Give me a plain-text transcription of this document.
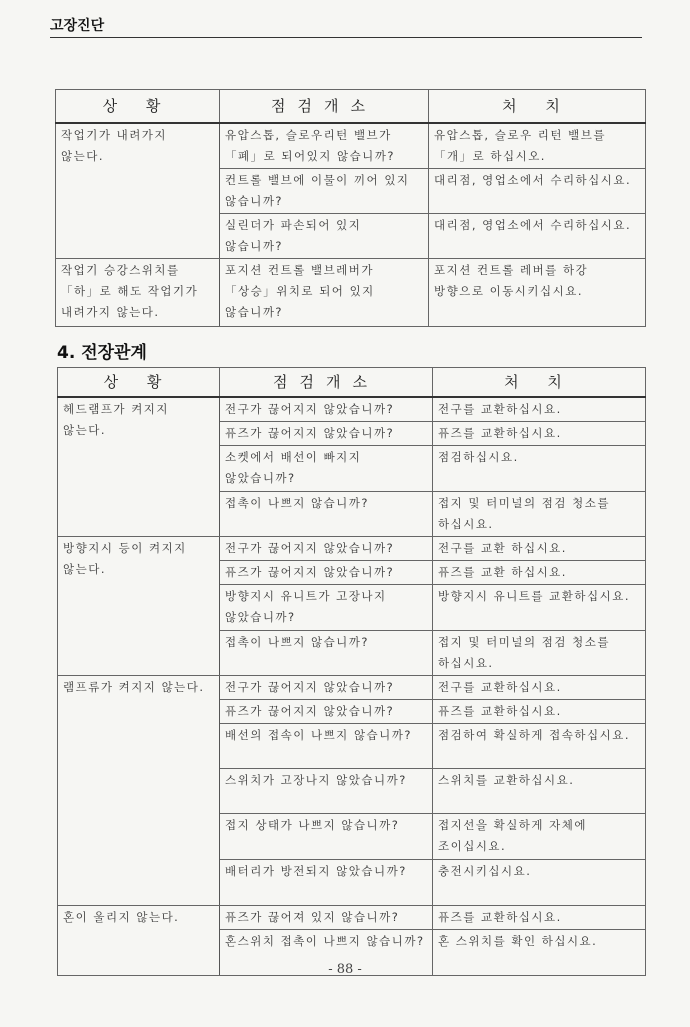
고장진단
상 황	점검개소	처 치
작업기가 내려가지 않는다.	유압스톱, 슬로우리턴 밸브가 「폐」로 되어있지 않습니까?	유압스톱, 슬로우 리턴 밸브를 「개」로 하십시오.
	컨트롤 밸브에 이물이 끼어 있지 않습니까?	대리점, 영업소에서 수리하십시요.
	실린더가 파손되어 있지 않습니까?	대리점, 영업소에서 수리하십시요.
작업기 승강스위치를 「하」로 해도 작업기가 내려가지 않는다.	포지션 컨트롤 밸브레버가 「상승」위치로 되어 있지 않습니까?	포지션 컨트롤 레버를 하강 방향으로 이동시키십시요.
4. 전장관계
상 황	점검개소	처 치
헤드램프가 켜지지 않는다.	전구가 끊어지지 않았습니까?	전구를 교환하십시요.
	퓨즈가 끊어지지 않았습니까?	퓨즈를 교환하십시요.
	소켓에서 배선이 빠지지 않았습니까?	점검하십시요.
	접촉이 나쁘지 않습니까?	접지 및 터미널의 점검 청소를 하십시요.
방향지시 등이 켜지지 않는다.	전구가 끊어지지 않았습니까?	전구를 교환 하십시요.
	퓨즈가 끊어지지 않았습니까?	퓨즈를 교환 하십시요.
	방향지시 유니트가 고장나지 않았습니까?	방향지시 유니트를 교환하십시요.
	접촉이 나쁘지 않습니까?	접지 및 터미널의 점검 청소를 하십시요.
램프류가 켜지지 않는다.	전구가 끊어지지 않았습니까?	전구를 교환하십시요.
	퓨즈가 끊어지지 않았습니까?	퓨즈를 교환하십시요.
	배선의 접속이 나쁘지 않습니까?	점검하여 확실하게 접속하십시요.
	스위치가 고장나지 않았습니까?	스위치를 교환하십시요.
	접지 상태가 나쁘지 않습니까?	접지선을 확실하게 자체에 조이십시요.
	배터리가 방전되지 않았습니까?	충전시키십시요.
혼이 울리지 않는다.	퓨즈가 끊어져 있지 않습니까?	퓨즈를 교환하십시요.
	혼스위치 접촉이 나쁘지 않습니까?	혼 스위치를 확인 하십시요.
- 88 -
